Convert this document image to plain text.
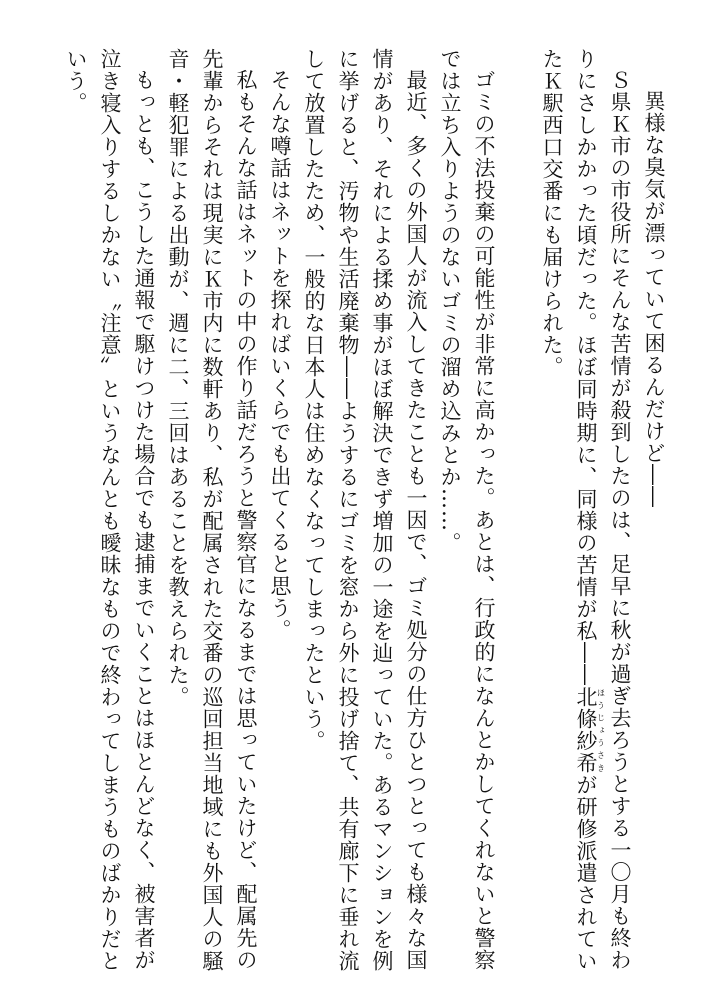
異様な臭気が漂っていて困るんだけど――

Ｓ県Ｋ市の市役所にそんな苦情が殺到したのは、足早に秋が過ぎ去ろうとする一〇月も終わりにさしかかった頃だった。ほぼ同時期に、同様の苦情が私――北條紗希ほうじょうさきが研修派遣されていたＫ駅西口交番にも届けられた。

ゴミの不法投棄の可能性が非常に高かった。あとは、行政的になんとかしてくれないと警察では立ち入りようのないゴミの溜め込みとか……。

最近、多くの外国人が流入してきたことも一因で、ゴミ処分の仕方ひとつとっても様々な国情があり、それによる揉め事がほぼ解決できず増加の一途を辿っていた。あるマンションを例に挙げると、汚物や生活廃棄物――ようするにゴミを窓から外に投げ捨て、共有廊下に垂れ流して放置したため、一般的な日本人は住めなくなってしまったという。

そんな噂話はネットを探ればいくらでも出てくると思う。

私もそんな話はネットの中の作り話だろうと警察官になるまでは思っていたけど、配属先の先輩からそれは現実にＫ市内に数軒あり、私が配属された交番の巡回担当地域にも外国人の騒音・軽犯罪による出動が、週に二、三回はあることを教えられた。

もっとも、こうした通報で駆けつけた場合でも逮捕までいくことはほとんどなく、被害者が泣き寝入りするしかない〝注意〟というなんとも曖昧なもので終わってしまうものばかりだという。
